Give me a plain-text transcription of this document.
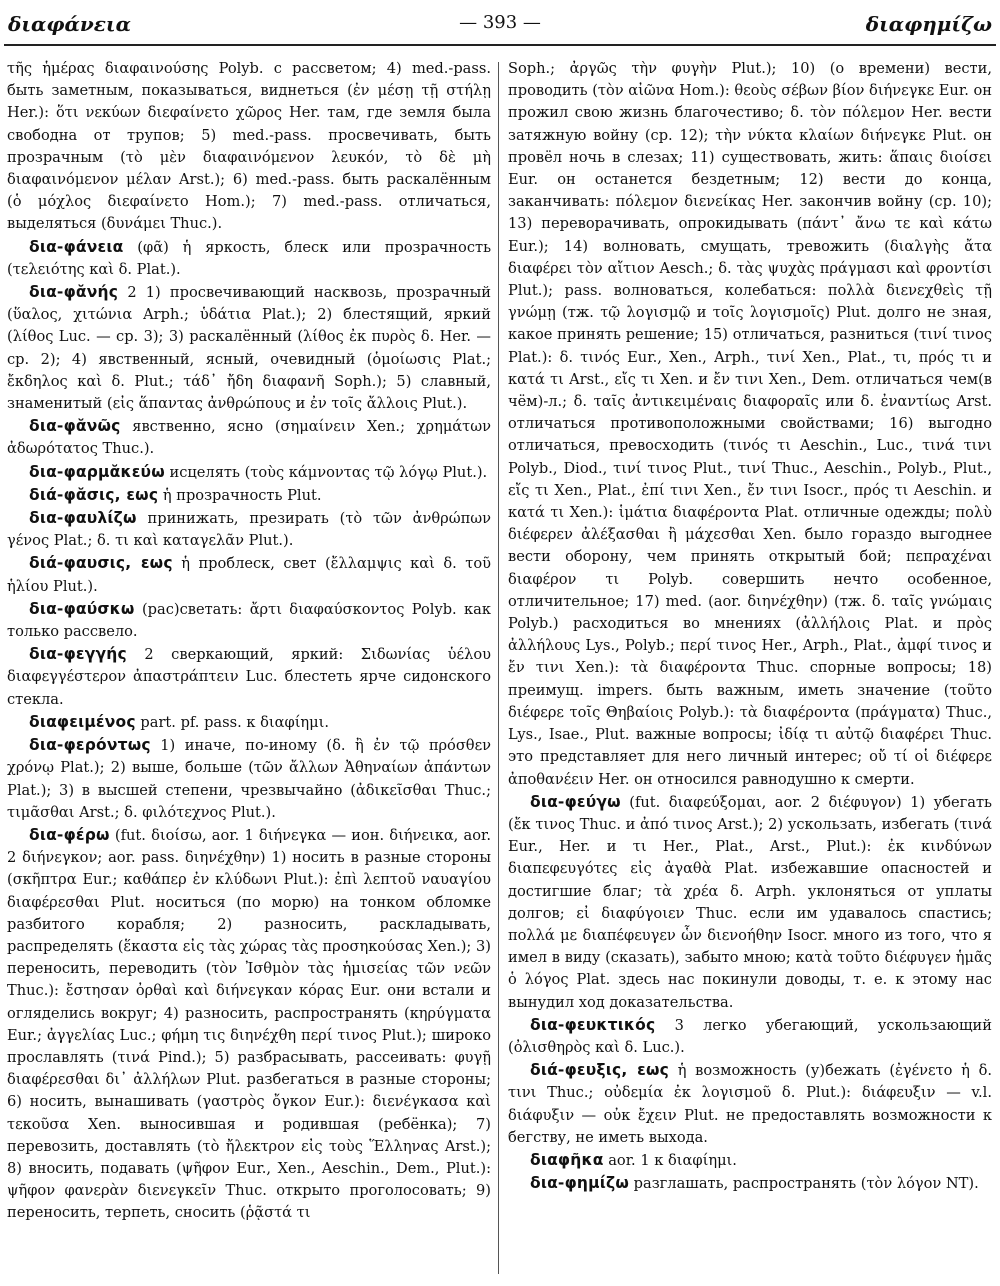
διαφάνεια	— 393 —	διαφημίζω

τῆς ἡμέρας διαφαινούσης Polyb. с рассветом; 4) med.-pass. быть заметным, показываться, виднеться (ἐν μέσῃ τῇ στήλῃ Her.): ὅτι νεκύων διεφαίνετο χῶρος Her. там, где земля была свободна от трупов; 5) med.-pass. просвечивать, быть прозрачным (τὸ μὲν διαφαινόμενον λευκόν, τὸ δὲ μὴ διαφαινόμενον μέλαν Arst.); 6) med.-pass. быть раскалённым (ὁ μόχλος διεφαίνετο Hom.); 7) med.-pass. отличаться, выделяться (δυνάμει Thuc.).

δια-φάνεια (φᾶ) ἡ яркость, блеск или прозрачность (τελειότης καὶ δ. Plat.).

δια-φᾰνής 2 1) просвечивающий насквозь, прозрачный (ὕαλος, χιτώνια Arph.; ὑδάτια Plat.); 2) блестящий, яркий (λίθος Luc. — ср. 3); 3) раскалённый (λίθος ἐκ πυρὸς δ. Her. — ср. 2); 4) явственный, ясный, очевидный (ὁμοίωσις Plat.; ἔκδηλος καὶ δ. Plut.; τάδ᾽ ἤδη διαφανῆ Soph.); 5) славный, знаменитый (εἰς ἅπαντας ἀνθρώπους и ἐν τοῖς ἄλλοις Plut.).

δια-φᾰνῶς явственно, ясно (σημαίνειν Xen.; χρημάτων ἀδωρότατος Thuc.).

δια-φαρμᾰκεύω исцелять (τοὺς κάμνοντας τῷ λόγῳ Plut.).

διά-φᾰσις, εως ἡ прозрачность Plut.

δια-φαυλίζω принижать, презирать (τὸ τῶν ἀνθρώπων γένος Plat.; δ. τι καὶ καταγελᾶν Plut.).

διά-φαυσις, εως ἡ проблеск, свет (ἔλλαμψις καὶ δ. τοῦ ἡλίου Plut.).

δια-φαύσκω (рас)светать: ἄρτι διαφαύσκοντος Polyb. как только рассвело.

δια-φεγγής 2 сверкающий, яркий: Σιδωνίας ὑέλου διαφεγγέστερον ἀπαστράπτειν Luc. блестеть ярче сидонского стекла.

διαφειμένος part. pf. pass. к διαφίημι.

δια-φερόντως 1) иначе, по-иному (δ. ἢ ἐν τῷ πρόσθεν χρόνῳ Plat.); 2) выше, больше (τῶν ἄλλων Ἀθηναίων ἁπάντων Plat.); 3) в высшей степени, чрезвычайно (ἀδικεῖσθαι Thuc.; τιμᾶσθαι Arst.; δ. φιλότεχνος Plut.).

δια-φέρω (fut. διοίσω, aor. 1 διήνεγκα — ион. διήνεικα, aor. 2 διήνεγκον; aor. pass. διηνέχθην) 1) носить в разные стороны (σκῆπτρα Eur.; καθάπερ ἐν κλύδωνι Plut.): ἐπὶ λεπτοῦ ναυαγίου διαφέρεσθαι Plut. носиться (по морю) на тонком обломке разбитого корабля; 2) разносить, раскладывать, распределять (ἕκαστα εἰς τὰς χώρας τὰς προσηκούσας Xen.); 3) переносить, переводить (τὸν Ἰσθμὸν τὰς ἡμισείας τῶν νεῶν Thuc.): ἔστησαν ὀρθαὶ καὶ διήνεγκαν κόρας Eur. они встали и огляделись вокруг; 4) разносить, распространять (κηρύγματα Eur.; ἀγγελίας Luc.; φήμη τις διηνέχθη περί τινος Plut.); широко прославлять (τινά Pind.); 5) разбрасывать, рассеивать: φυγῇ διαφέρεσθαι δι᾽ ἀλλήλων Plut. разбегаться в разные стороны; 6) носить, вынашивать (γαστρὸς ὄγκον Eur.): διενέγκασα καὶ τεκοῦσα Xen. выносившая и родившая (ребёнка); 7) перевозить, доставлять (τὸ ἤλεκτρον εἰς τοὺς Ἕλληνας Arst.); 8) вносить, подавать (ψῆφον Eur., Xen., Aeschin., Dem., Plut.): ψῆφον φανερὰν διενεγκεῖν Thuc. открыто проголосовать; 9) переносить, терпеть, сносить (ῥᾷστά τι

Soph.; ἀργῶς τὴν φυγὴν Plut.); 10) (о времени) вести, проводить (τὸν αἰῶνα Hom.): θεοὺς σέβων βίον διήνεγκε Eur. он прожил свою жизнь благочестиво; δ. τὸν πόλεμον Her. вести затяжную войну (ср. 12); τὴν νύκτα κλαίων διήνεγκε Plut. он провёл ночь в слезах; 11) существовать, жить: ἅπαις διοίσει Eur. он останется бездетным; 12) вести до конца, заканчивать: πόλεμον διενείκας Her. закончив войну (ср. 10); 13) переворачивать, опрокидывать (πάντ᾽ ἄνω τε καὶ κάτω Eur.); 14) волновать, смущать, тревожить (διαλγὴς ἄτα διαφέρει τὸν αἴτιον Aesch.; δ. τὰς ψυχὰς πράγμασι καὶ φροντίσι Plut.); pass. волноваться, колебаться: πολλὰ διενεχθεὶς τῇ γνώμῃ (тж. τῷ λογισμῷ и τοῖς λογισμοῖς) Plut. долго не зная, какое принять решение; 15) отличаться, разниться (τινί τινος Plat.): δ. τινός Eur., Xen., Arph., τινί Xen., Plat., τι, πρός τι и κατά τι Arst., εἴς τι Xen. и ἔν τινι Xen., Dem. отличаться чем(в чём)-л.; δ. ταῖς ἀντικειμέναις διαφοραῖς или δ. ἐναντίως Arst. отличаться противоположными свойствами; 16) выгодно отличаться, превосходить (τινός τι Aeschin., Luc., τινά τινι Polyb., Diod., τινί τινος Plut., τινί Thuc., Aeschin., Polyb., Plut., εἴς τι Xen., Plat., ἐπί τινι Xen., ἔν τινι Isocr., πρός τι Aeschin. и κατά τι Xen.): ἱμάτια διαφέροντα Plat. отличные одежды; πολὺ διέφερεν ἀλέξασθαι ἢ μάχεσθαι Xen. было гораздо выгоднее вести оборону, чем принять открытый бой; πεπραχέναι διαφέρον τι Polyb. совершить нечто особенное, отличительное; 17) med. (aor. διηνέχθην) (тж. δ. ταῖς γνώμαις Polyb.) расходиться во мнениях (ἀλλήλοις Plat. и πρὸς ἀλλήλους Lys., Polyb.; περί τινος Her., Arph., Plat., ἀμφί τινος и ἔν τινι Xen.): τὰ διαφέροντα Thuc. спорные вопросы; 18) преимущ. impers. быть важным, иметь значение (τοῦτο διέφερε τοῖς Θηβαίοις Polyb.): τὰ διαφέροντα (πράγματα) Thuc., Lys., Isae., Plut. важные вопросы; ἰδίᾳ τι αὐτῷ διαφέρει Thuc. это представляет для него личный интерес; οὔ τί οἱ διέφερε ἀποθανέειν Her. он относился равнодушно к смерти.

δια-φεύγω (fut. διαφεύξομαι, aor. 2 διέφυγον) 1) убегать (ἔκ τινος Thuc. и ἀπό τινος Arst.); 2) ускользать, избегать (τινά Eur., Her. и τι Her., Plat., Arst., Plut.): ἐκ κινδύνων διαπεφευγότες εἰς ἀγαθὰ Plat. избежавшие опасностей и достигшие благ; τὰ χρέα δ. Arph. уклоняться от уплаты долгов; εἰ διαφύγοιεν Thuc. если им удавалось спастись; πολλά με διαπέφευγεν ὧν διενοήθην Isocr. много из того, что я имел в виду (сказать), забыто мною; κατὰ τοῦτο διέφυγεν ἡμᾶς ὁ λόγος Plat. здесь нас покинули доводы, т. е. к этому нас вынудил ход доказательства.

δια-φευκτικός 3 легко убегающий, ускользающий (ὀλισθηρὸς καὶ δ. Luc.).

διά-φευξις, εως ἡ возможность (у)бежать (ἐγένετο ἡ δ. τινι Thuc.; οὐδεμία ἐκ λογισμοῦ δ. Plut.): διάφευξιν — v.l. διάφυξιν — οὐκ ἔχειν Plut. не предоставлять возможности к бегству, не иметь выхода.

διαφῆκα aor. 1 к διαφίημι.

δια-φημίζω разглашать, распространять (τὸν λόγον NT).
